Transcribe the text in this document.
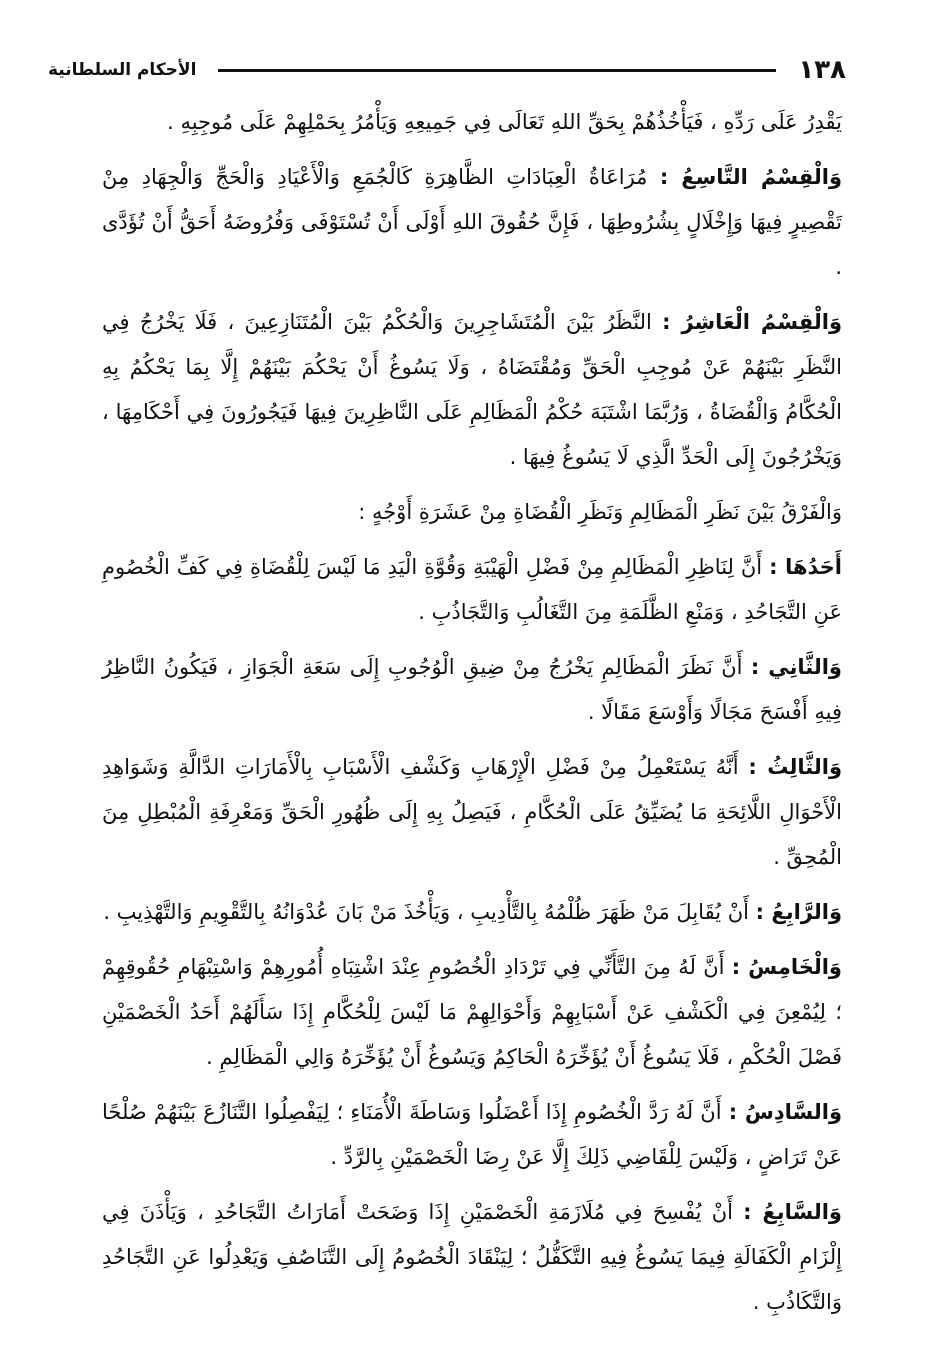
١٣٨
الأحكام السلطانية

يَقْدِرُ عَلَى رَدِّهِ ، فَيَأْخُذُهُمْ بِحَقِّ اللهِ تَعَالَى فِي جَمِيعِهِ وَيَأْمُرُ بِحَمْلِهِمْ عَلَى مُوجِبِهِ .

وَالْقِسْمُ التَّاسِعُ : مُرَاعَاةُ الْعِبَادَاتِ الظَّاهِرَةِ كَالْجُمَعِ وَالْأَعْيَادِ وَالْحَجِّ وَالْجِهَادِ مِنْ تَقْصِيرٍ فِيهَا وَإِخْلَالٍ بِشُرُوطِهَا ، فَإِنَّ حُقُوقَ اللهِ أَوْلَى أَنْ تُسْتَوْفَى وَفُرُوضَهُ أَحَقُّ أَنْ تُؤَدَّى .

وَالْقِسْمُ الْعَاشِرُ : النَّظَرُ بَيْنَ الْمُتَشَاجِرِينَ وَالْحُكْمُ بَيْنَ الْمُتَنَازِعِينَ ، فَلَا يَخْرُجُ فِي النَّظَرِ بَيْنَهُمْ عَنْ مُوجِبِ الْحَقِّ وَمُقْتَضَاهُ ، وَلَا يَسُوغُ أَنْ يَحْكُمَ بَيْنَهُمْ إِلَّا بِمَا يَحْكُمُ بِهِ الْحُكَّامُ وَالْقُضَاةُ ، وَرُبَّمَا اشْتَبَهَ حُكْمُ الْمَظَالِمِ عَلَى النَّاظِرِينَ فِيهَا فَيَجُورُونَ فِي أَحْكَامِهَا ، وَيَخْرُجُونَ إِلَى الْحَدِّ الَّذِي لَا يَسُوغُ فِيهَا .

وَالْفَرْقُ بَيْنَ نَظَرِ الْمَظَالِمِ وَنَظَرِ الْقُضَاةِ مِنْ عَشَرَةِ أَوْجُهٍ :

أَحَدُهَا : أَنَّ لِنَاظِرِ الْمَظَالِمِ مِنْ فَضْلِ الْهَيْبَةِ وَقُوَّةِ الْيَدِ مَا لَيْسَ لِلْقُضَاةِ فِي كَفِّ الْخُصُومِ عَنِ التَّجَاحُدِ ، وَمَنْعِ الظَّلَمَةِ مِنَ التَّغَالُبِ وَالتَّجَاذُبِ .

وَالثَّانِي : أَنَّ نَظَرَ الْمَظَالِمِ يَخْرُجُ مِنْ ضِيقِ الْوُجُوبِ إِلَى سَعَةِ الْجَوَازِ ، فَيَكُونُ النَّاظِرُ فِيهِ أَفْسَحَ مَجَالًا وَأَوْسَعَ مَقَالًا .

وَالثَّالِثُ : أَنَّهُ يَسْتَعْمِلُ مِنْ فَضْلِ الْإِرْهَابِ وَكَشْفِ الْأَسْبَابِ بِالْأَمَارَاتِ الدَّالَّةِ وَشَوَاهِدِ الْأَحْوَالِ اللَّائِحَةِ مَا يُضَيِّقُ عَلَى الْحُكَّامِ ، فَيَصِلُ بِهِ إِلَى ظُهُورِ الْحَقِّ وَمَعْرِفَةِ الْمُبْطِلِ مِنَ الْمُحِقِّ .

وَالرَّابِعُ : أَنْ يُقَابِلَ مَنْ ظَهَرَ ظُلْمُهُ بِالتَّأْدِيبِ ، وَيَأْخُذَ مَنْ بَانَ عُدْوَانُهُ بِالتَّقْوِيمِ وَالتَّهْذِيبِ .

وَالْخَامِسُ : أَنَّ لَهُ مِنَ التَّأَنِّي فِي تَرْدَادِ الْخُصُومِ عِنْدَ اشْتِبَاهِ أُمُورِهِمْ وَاسْتِبْهَامِ حُقُوقِهِمْ ؛ لِيُمْعِنَ فِي الْكَشْفِ عَنْ أَسْبَابِهِمْ وَأَحْوَالِهِمْ مَا لَيْسَ لِلْحُكَّامِ إِذَا سَأَلَهُمْ أَحَدُ الْخَصْمَيْنِ فَصْلَ الْحُكْمِ ، فَلَا يَسُوغُ أَنْ يُؤَخِّرَهُ الْحَاكِمُ وَيَسُوغُ أَنْ يُؤَخِّرَهُ وَالِي الْمَظَالِمِ .

وَالسَّادِسُ : أَنَّ لَهُ رَدَّ الْخُصُومِ إِذَا أَعْضَلُوا وَسَاطَةَ الْأُمَنَاءِ ؛ لِيَفْصِلُوا التَّنَازُعَ بَيْنَهُمْ صُلْحًا عَنْ تَرَاضٍ ، وَلَيْسَ لِلْقَاضِي ذَلِكَ إِلَّا عَنْ رِضَا الْخَصْمَيْنِ بِالرَّدِّ .

وَالسَّابِعُ : أَنْ يُفْسِحَ فِي مُلَازَمَةِ الْخَصْمَيْنِ إِذَا وَضَحَتْ أَمَارَاتُ التَّجَاحُدِ ، وَيَأْذَنَ فِي إِلْزَامِ الْكَفَالَةِ فِيمَا يَسُوغُ فِيهِ التَّكَفُّلُ ؛ لِيَنْقَادَ الْخُصُومُ إِلَى التَّنَاصُفِ وَيَعْدِلُوا عَنِ التَّجَاحُدِ وَالتَّكَاذُبِ .
